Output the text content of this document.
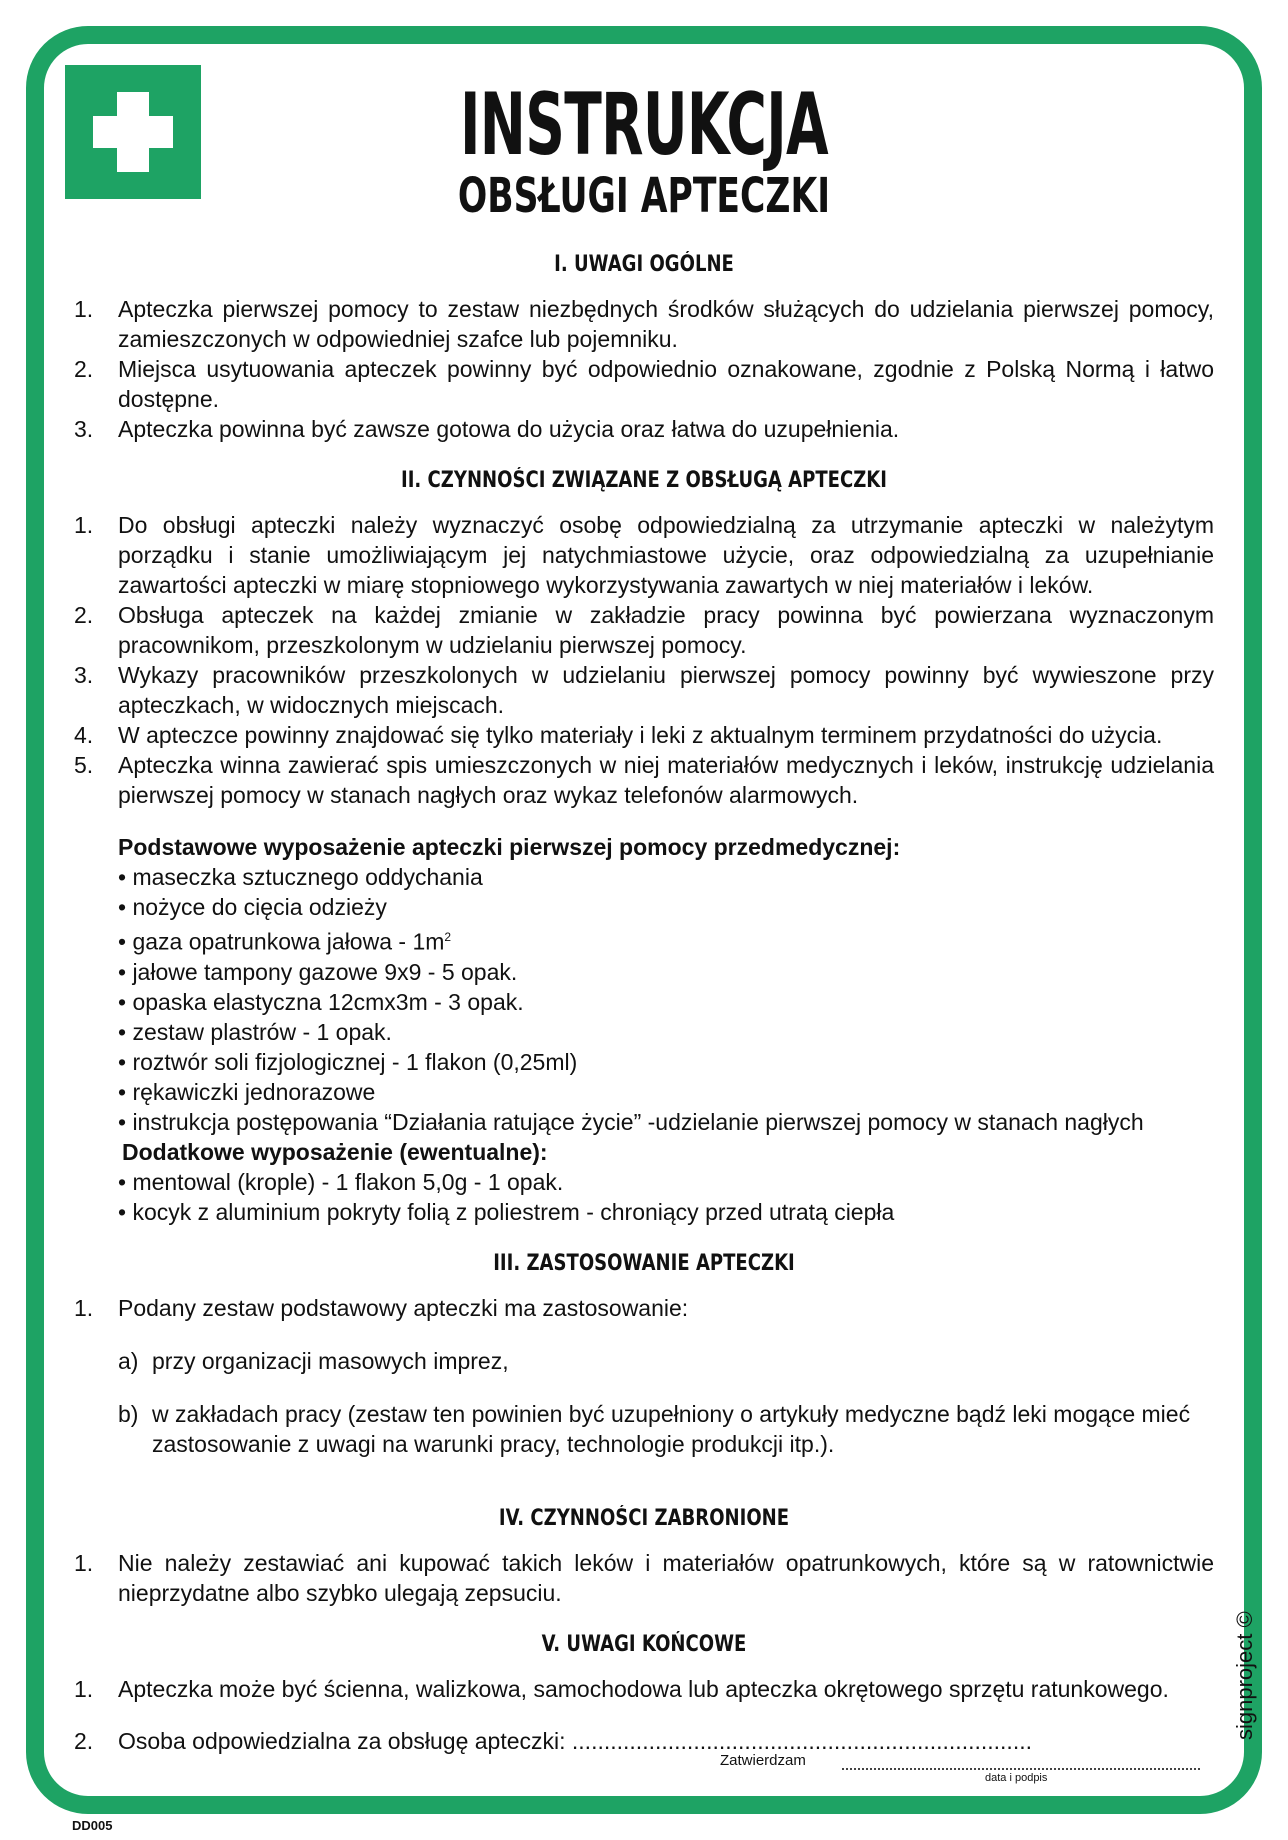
INSTRUKCJA
OBSŁUGI APTECZKI

I. UWAGI OGÓLNE

1. Apteczka pierwszej pomocy to zestaw niezbędnych środków służących do udzielania pierwszej pomocy, zamieszczonych w odpowiedniej szafce lub pojemniku.

2. Miejsca usytuowania apteczek powinny być odpowiednio oznakowane, zgodnie z Polską Normą i łatwo dostępne.

3. Apteczka powinna być zawsze gotowa do użycia oraz łatwa do uzupełnienia.

II. CZYNNOŚCI ZWIĄZANE Z OBSŁUGĄ APTECZKI

1. Do obsługi apteczki należy wyznaczyć osobę odpowiedzialną za utrzymanie apteczki w należytym porządku i stanie umożliwiającym jej natychmiastowe użycie, oraz odpowiedzialną za uzupełnianie zawartości apteczki w miarę stopniowego wykorzystywania zawartych w niej materiałów i leków.

2. Obsługa apteczek na każdej zmianie w zakładzie pracy powinna być powierzana wyznaczonym pracownikom, przeszkolonym w udzielaniu pierwszej pomocy.

3. Wykazy pracowników przeszkolonych w udzielaniu pierwszej pomocy powinny być wywieszone przy apteczkach, w widocznych miejscach.

4. W apteczce powinny znajdować się tylko materiały i leki z aktualnym terminem przydatności do użycia.

5. Apteczka winna zawierać spis umieszczonych w niej materiałów medycznych i leków, instrukcję udzielania pierwszej pomocy w stanach nagłych oraz wykaz telefonów alarmowych.

Podstawowe wyposażenie apteczki pierwszej pomocy przedmedycznej:
• maseczka sztucznego oddychania
• nożyce do cięcia odzieży
• gaza opatrunkowa jałowa - $1m^2$
• jałowe tampony gazowe 9x9 - 5 opak.
• opaska elastyczna 12cmx3m - 3 opak.
• zestaw plastrów - 1 opak.
• roztwór soli fizjologicznej - 1 flakon (0,25ml)
• rękawiczki jednorazowe
• instrukcja postępowania “Działania ratujące życie” -udzielanie pierwszej pomocy w stanach nagłych
Dodatkowe wyposażenie (ewentualne):
• mentowal (krople) - 1 flakon 5,0g - 1 opak.
• kocyk z aluminium pokryty folią z poliestrem - chroniący przed utratą ciepła

III. ZASTOSOWANIE APTECZKI

1. Podany zestaw podstawowy apteczki ma zastosowanie:

a) przy organizacji masowych imprez,

b) w zakładach pracy (zestaw ten powinien być uzupełniony o artykuły medyczne bądź leki mogące mieć zastosowanie z uwagi na warunki pracy, technologie produkcji itp.).

IV. CZYNNOŚCI ZABRONIONE

1. Nie należy zestawiać ani kupować takich leków i materiałów opatrunkowych, które są w ratownictwie nieprzydatne albo szybko ulegają zepsuciu.

V. UWAGI KOŃCOWE

1. Apteczka może być ścienna, walizkowa, samochodowa lub apteczka okrętowego sprzętu ratunkowego.

2. Osoba odpowiedzialna za obsługę apteczki: ........................................................................

Zatwierdzam
data i podpis
signproject ©
DD005
